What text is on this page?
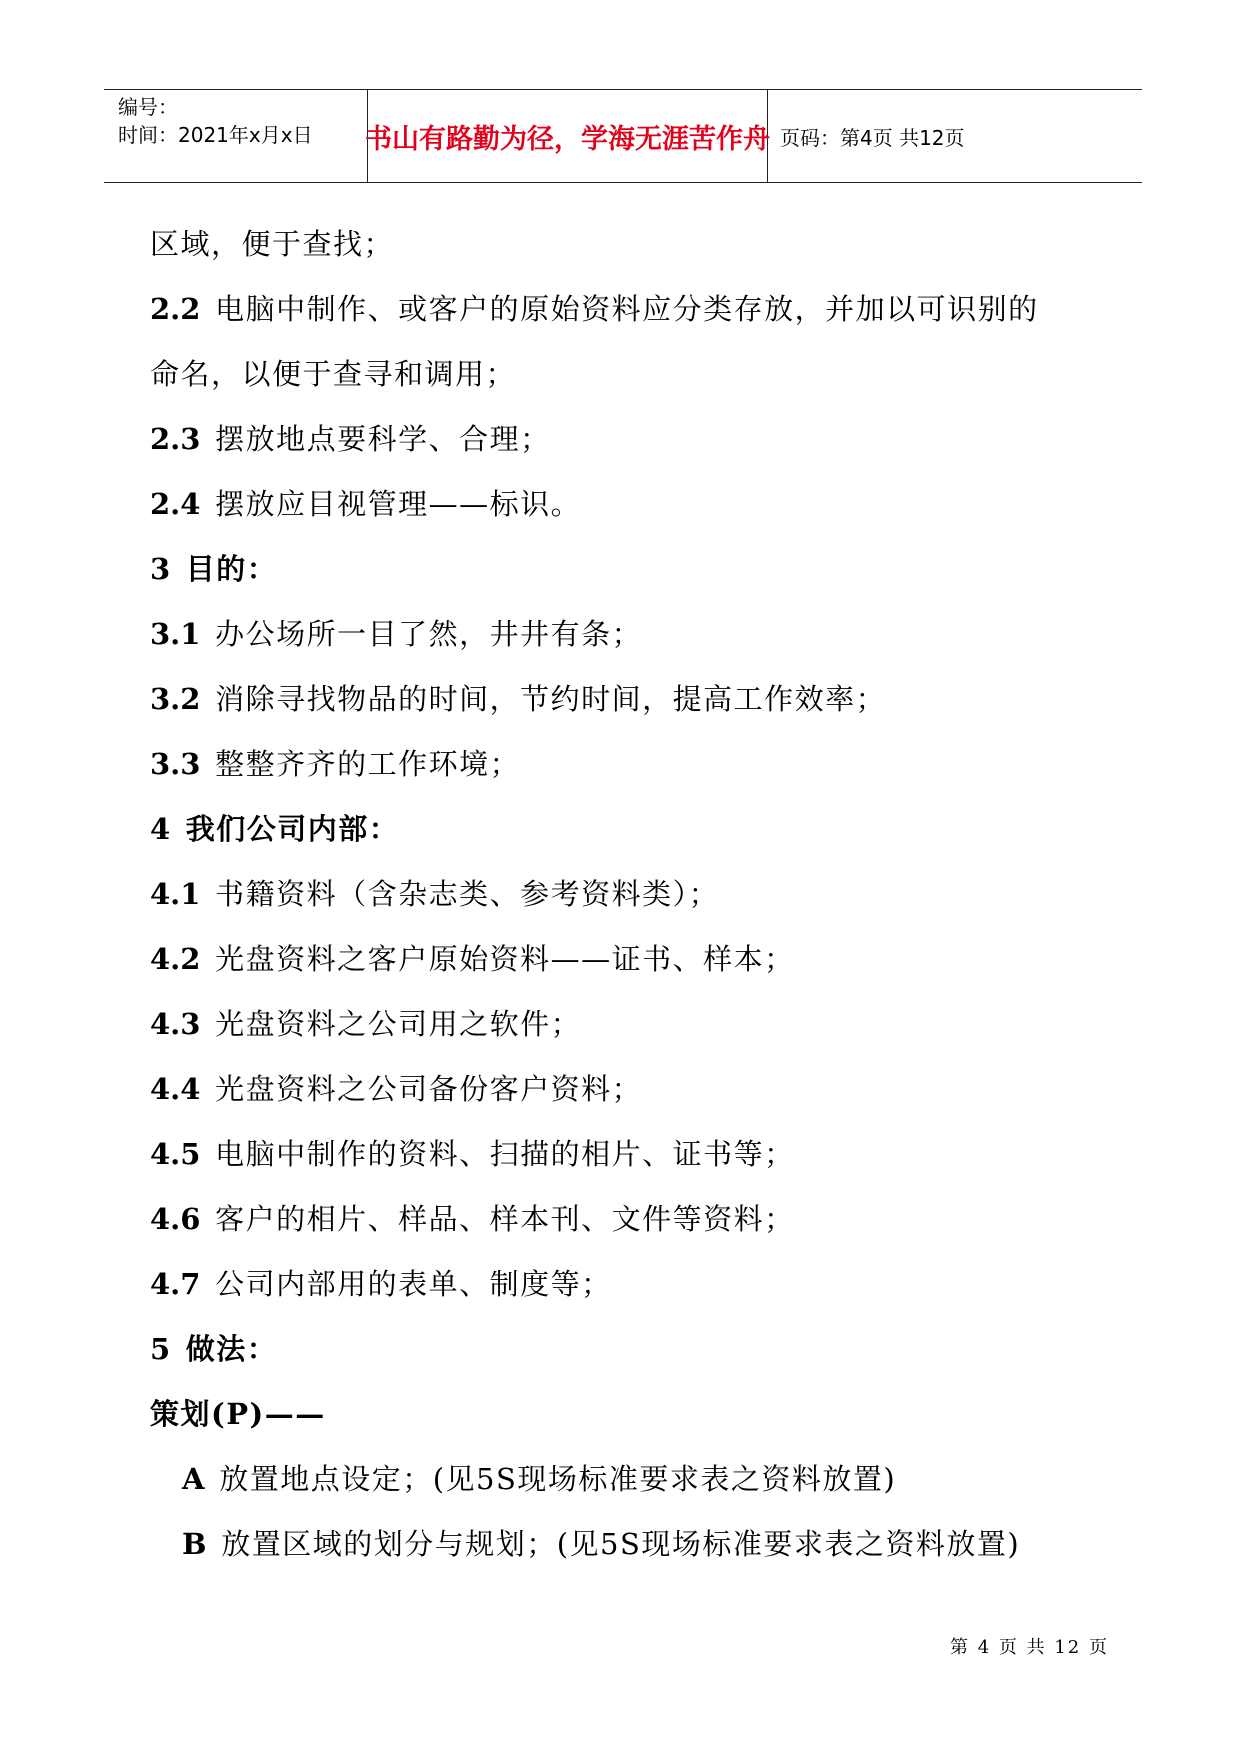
编号：
时间：2021年x月x日	书山有路勤为径，学海无涯苦作舟 页码：第4页 共12页
区域，便于查找；
2.2 电脑中制作、或客户的原始资料应分类存放，并加以可识别的
命名，以便于查寻和调用；
2.3 摆放地点要科学、合理；
2.4 摆放应目视管理——标识。
3 目的：
3.1 办公场所一目了然，井井有条；
3.2 消除寻找物品的时间，节约时间，提高工作效率；
3.3 整整齐齐的工作环境；
4 我们公司内部：
4.1 书籍资料（含杂志类、参考资料类）；
4.2 光盘资料之客户原始资料——证书、样本；
4.3 光盘资料之公司用之软件；
4.4 光盘资料之公司备份客户资料；
4.5 电脑中制作的资料、扫描的相片、证书等；
4.6 客户的相片、样品、样本刊、文件等资料；
4.7 公司内部用的表单、制度等；
5 做法：
策划(P)——
A 放置地点设定；(见5S现场标准要求表之资料放置)
B 放置区域的划分与规划；(见5S现场标准要求表之资料放置)
第 4 页 共 12 页
